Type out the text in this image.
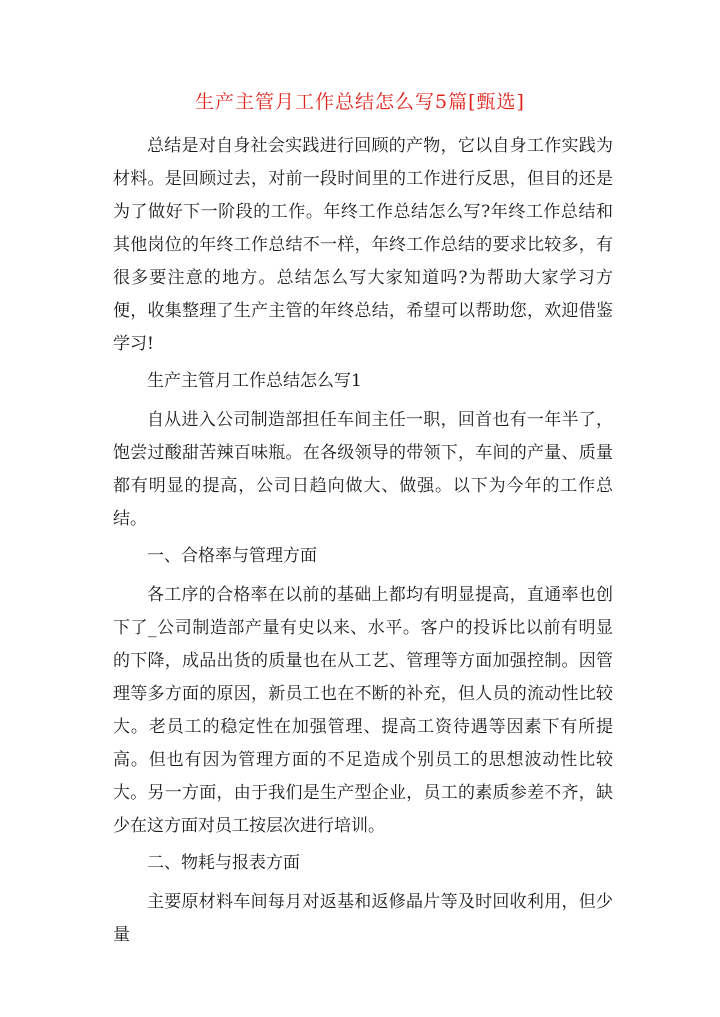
生产主管月工作总结怎么写5篇[甄选]

总结是对自身社会实践进行回顾的产物，它以自身工作实践为材料。是回顾过去，对前一段时间里的工作进行反思，但目的还是为了做好下一阶段的工作。年终工作总结怎么写?年终工作总结和其他岗位的年终工作总结不一样，年终工作总结的要求比较多，有很多要注意的地方。总结怎么写大家知道吗?为帮助大家学习方便，收集整理了生产主管的年终总结，希望可以帮助您，欢迎借鉴学习!

生产主管月工作总结怎么写1

自从进入公司制造部担任车间主任一职，回首也有一年半了，饱尝过酸甜苦辣百味瓶。在各级领导的带领下，车间的产量、质量都有明显的提高，公司日趋向做大、做强。以下为今年的工作总结。

一、合格率与管理方面

各工序的合格率在以前的基础上都均有明显提高，直通率也创下了_公司制造部产量有史以来、水平。客户的投诉比以前有明显的下降，成品出货的质量也在从工艺、管理等方面加强控制。因管理等多方面的原因，新员工也在不断的补充，但人员的流动性比较大。老员工的稳定性在加强管理、提高工资待遇等因素下有所提高。但也有因为管理方面的不足造成个别员工的思想波动性比较大。另一方面，由于我们是生产型企业，员工的素质参差不齐，缺少在这方面对员工按层次进行培训。

二、物耗与报表方面

主要原材料车间每月对返基和返修晶片等及时回收利用，但少量
